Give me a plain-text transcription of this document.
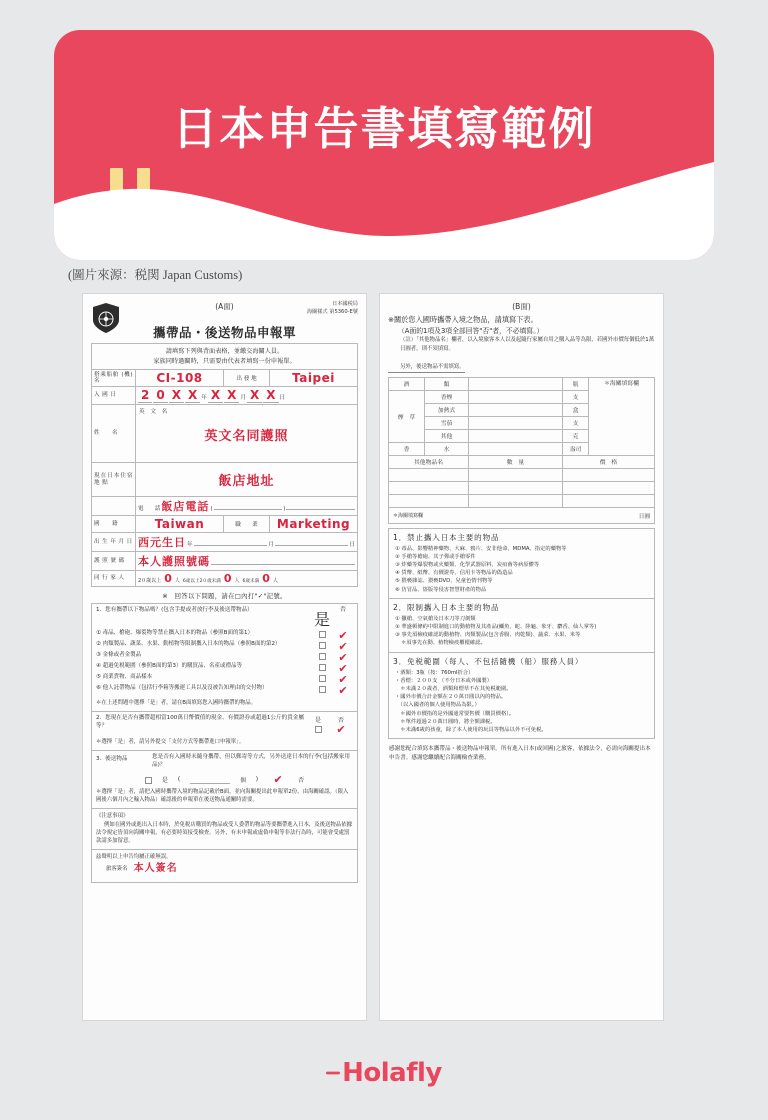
日本申告書填寫範例
(圖片來源：税関 Japan Customs)
(A面)	日本國税局
海關樣式 第5360-E號
攜帶品・後送物品申報單
請填寫下列與背面表格，並繳交海關人員。
家族同時過關時，只需要由代表者填寫一份申報單。
搭乘船舶 (機) 名	CI-108	出 發 地	Taipei
入 國 日	2 0 X X 年 X X 月 X X 日

姓　　名	英 文 名
英文名同護照		

現在日本住宿 地 點	飯店地址		

	電　　話 飯店電話 ( )		

國　　籍	Taiwan	職　　業	Marketing
出 生 年 月 日	西元生日 年 月 日		

護 照 號 碼	本人護照號碼		

同 行 家 人	2０歲以上 0 人 6歲以上2０歲未満 0 人 6歲未満 0 人
※　回答以下問題，請在□內打"✓"記號。
1．您有攜帶以下物品嗎？(包含手提或者放行李及後送帶物品）	是
否
① 毒品、槍砲、爆裂物等禁止攜入日本的物品（參照B面的第1）	✔
② 肉類製品、蔬菜、水果、動植物等限制攜入日本的物品（參照B面的第2）	✔
③ 金條或者金製品	✔
④ 超過免税範圍（參照B面的第3）的購買品、名產或禮品等	✔
⑤ 商業貨物、商品樣本	✔
⑥ 他人託帶物品（包括行李箱等搬運工具以及沒被告知理由的交付物）	✔
＊在上述問題中選擇「是」者，請在B面填寫您入國時攜帶的物品。
2．您現在是否有攜帶超相當100萬日幣價值的現金、有價證券或超過1公斤的貴金屬等？
是	否
✔
＊選擇「是」者，請另外提交「支付方式等攜帶進口申報單」。
3．後送物品	您是否有入國時未隨身攜帶，但以郵寄等方式，另外送達日本的行李(包括搬家用品)？
是 (	個 )	✔	否
＊選擇「是」者，請把入國時攜帶入境的物品記載於B面，並向海關提出此申報單2份，由海關確認。（限入國後六個月內之輸入物品）確認後的申報單在後送物品通關時需要。
《注意事項》
例如在國外或進出入日本時，於免税店購買的物品或受人委帶的物品等要攜帶進入日本，及後送物品依據法令規定皆須向海關申報，有必要時須接受檢查。另外，有未申報或虛偽申報等非法行為時，可能會受處罰款請多加留意。
玆聲明以上申告均屬正確無誤。
旅客簽名 本人簽名
(B面)
※關於您入國時攜帶入境之物品，請填寫下表。
（A面的1項及3項全部回答"否"者，不必填寫。）
（註）「其他物品名」欄者，以入境旅客本人以及起隨行家屬自用之購入品等為限，若國外市價每個低於1萬日圓者，則不須填寫。
另外，後送物品不需填寫。
酒	類		瓶	＊海關填寫欄
煙　草	香煙		支	
	加熱式		盒	
	雪茄		支	
	其他		克	
香	水		盎司	
其他物品名		數　量	價　格	

＊海關填寫欄	日圓
1．禁止攜入日本主要的物品
① 毒品、影響精神藥物、大麻、鴉片、安非他命、MDMA、指定的藥物等
② 手槍等槍砲、其子彈或手槍零件
③ 炸藥等爆裂物或火藥類、化學武器原料、炭疽菌等病原體等
④ 貨幣、紙幣、有價證券、信用卡等物品的偽造品
⑤ 猥褻雜誌、猥褻DVD、兒童色情刊物等
⑥ 仿冒品、盜版等侵害智慧財產的物品
2．限制攜入日本主要的物品
① 獵槍、空氣槍及日本刀等刀劍類
② 華盛頓條約中限制進口的動植物及其產品(鱷魚、蛇、陸龜、象牙、麝香、仙人掌等)
③ 事先須檢疫確認的動植物、肉類製品(包含香腸、肉乾類)、蔬菜、水果、米等
＊須事先在動、植物檢疫櫃檯確認。
3．免税範圍（每人、不包括隨機（船）服務人員）
・酒類：3瓶（按：760ml折合）
・香煙：２００支 （不分日本或外國製）
　＊未滿２０歲者，酒類和煙草不在其免税範圍。
・國外市價合計金額在２０萬日圓以內的物品。
　（以入國者的個人使用物品為限。）
　＊國外市價指的是外國通常要售價（購買價格）。
　＊單件超過２０萬日圓時，將全額課税。
　＊未滿6歲的孩童，除了本人使用的玩具等物品以外不可免税。
感謝您配合填寫本攜帶品・後送物品申報單。所有進入日本(或回國)之旅客，依據法令，必需向海關提出本申告書。感謝您繼續配合海關檢查業務。
Holafly
